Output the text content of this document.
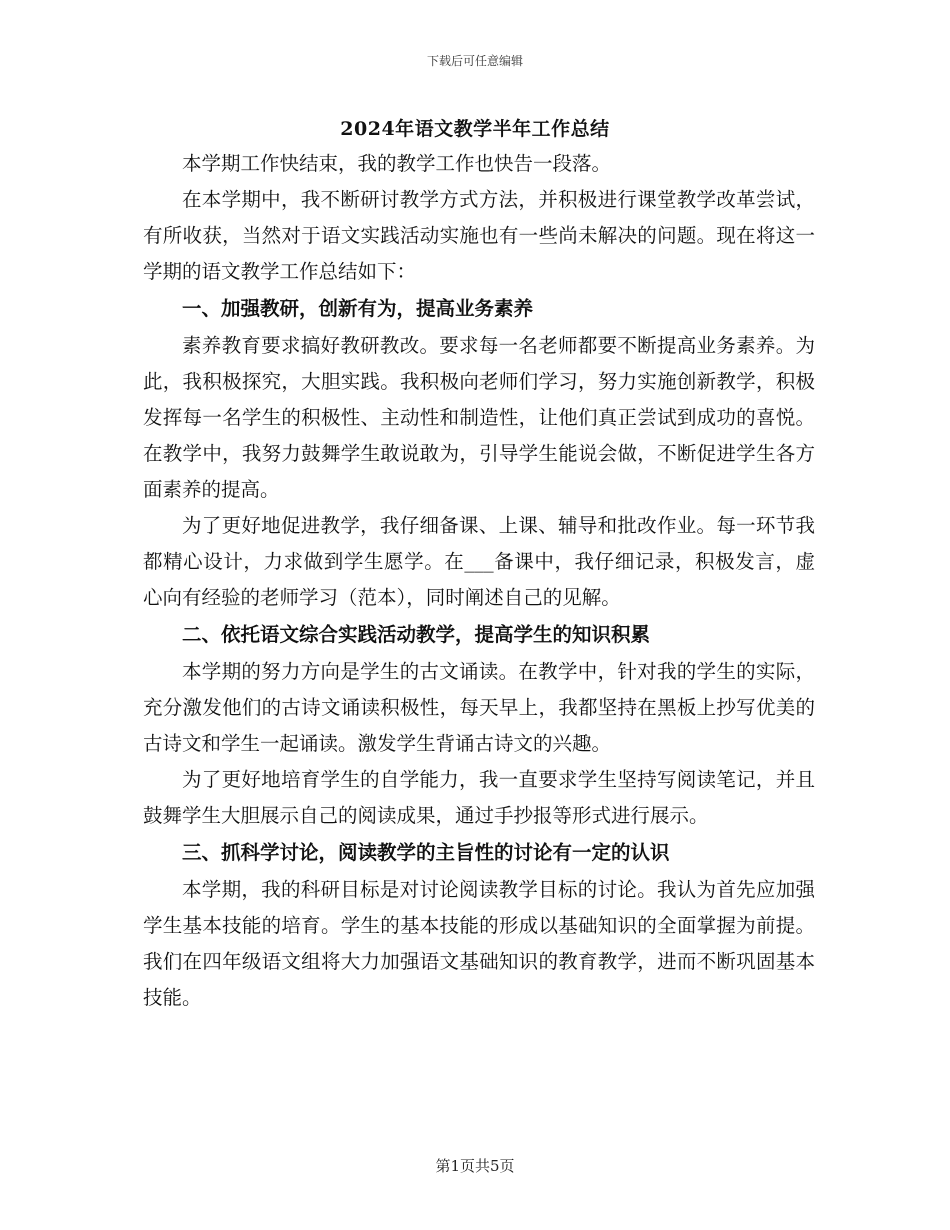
下载后可任意编辑
2024年语文教学半年工作总结

本学期工作快结束，我的教学工作也快告一段落。

在本学期中，我不断研讨教学方式方法，并积极进行课堂教学改革尝试，有所收获，当然对于语文实践活动实施也有一些尚未解决的问题。现在将这一学期的语文教学工作总结如下：

一、加强教研，创新有为，提高业务素养

素养教育要求搞好教研教改。要求每一名老师都要不断提高业务素养。为此，我积极探究，大胆实践。我积极向老师们学习，努力实施创新教学，积极发挥每一名学生的积极性、主动性和制造性，让他们真正尝试到成功的喜悦。在教学中，我努力鼓舞学生敢说敢为，引导学生能说会做，不断促进学生各方面素养的提高。

为了更好地促进教学，我仔细备课、上课、辅导和批改作业。每一环节我都精心设计，力求做到学生愿学。在___备课中，我仔细记录，积极发言，虚心向有经验的老师学习（范本），同时阐述自己的见解。

二、依托语文综合实践活动教学，提高学生的知识积累

本学期的努力方向是学生的古文诵读。在教学中，针对我的学生的实际，充分激发他们的古诗文诵读积极性，每天早上，我都坚持在黑板上抄写优美的古诗文和学生一起诵读。激发学生背诵古诗文的兴趣。

为了更好地培育学生的自学能力，我一直要求学生坚持写阅读笔记，并且鼓舞学生大胆展示自己的阅读成果，通过手抄报等形式进行展示。

三、抓科学讨论，阅读教学的主旨性的讨论有一定的认识

本学期，我的科研目标是对讨论阅读教学目标的讨论。我认为首先应加强学生基本技能的培育。学生的基本技能的形成以基础知识的全面掌握为前提。我们在四年级语文组将大力加强语文基础知识的教育教学，进而不断巩固基本技能。

第1页共5页
